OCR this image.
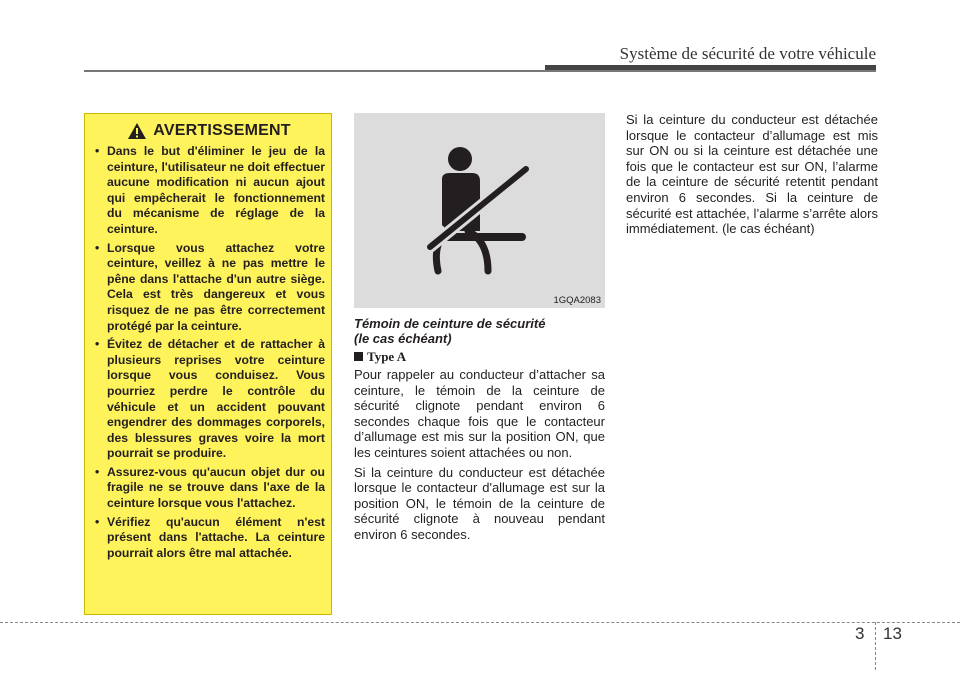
Système de sécurité de votre véhicule
AVERTISSEMENT
• Dans le but d'éliminer le jeu de la ceinture, l'utilisateur ne doit effectuer aucune modification ni aucun ajout qui empêcherait le fonctionnement du mécanisme de réglage de la ceinture.
• Lorsque vous attachez votre ceinture, veillez à ne pas mettre le pêne dans l'attache d'un autre siège. Cela est très dangereux et vous risquez de ne pas être correctement protégé par la ceinture.
• Évitez de détacher et de rattacher à plusieurs reprises votre ceinture lorsque vous conduisez. Vous pourriez perdre le contrôle du véhicule et un accident pouvant engendrer des dommages corporels, des blessures graves voire la mort pourrait se produire.
• Assurez-vous qu'aucun objet dur ou fragile ne se trouve dans l'axe de la ceinture lorsque vous l'attachez.
• Vérifiez qu'aucun élément n'est présent dans l'attache. La ceinture pourrait alors être mal attachée.
1GQA2083
Témoin de ceinture de sécurité
(le cas échéant)
Type A

Pour rappeler au conducteur d’attacher sa ceinture, le témoin de la ceinture de sécurité clignote pendant environ 6 secondes chaque fois que le contacteur d’allumage est mis sur la position ON, que les ceintures soient attachées ou non.

Si la ceinture du conducteur est détachée lorsque le contacteur d'allumage est sur la position ON, le témoin de la ceinture de sécurité clignote à nouveau pendant environ 6 secondes.

Si la ceinture du conducteur est détachée lorsque le contacteur d’allumage est mis sur ON ou si la ceinture est détachée une fois que le contacteur est sur ON, l’alarme de la ceinture de sécurité retentit pendant environ 6 secondes. Si la ceinture de sécurité est attachée, l’alarme s’arrête alors immédiatement. (le cas échéant)

3 13
